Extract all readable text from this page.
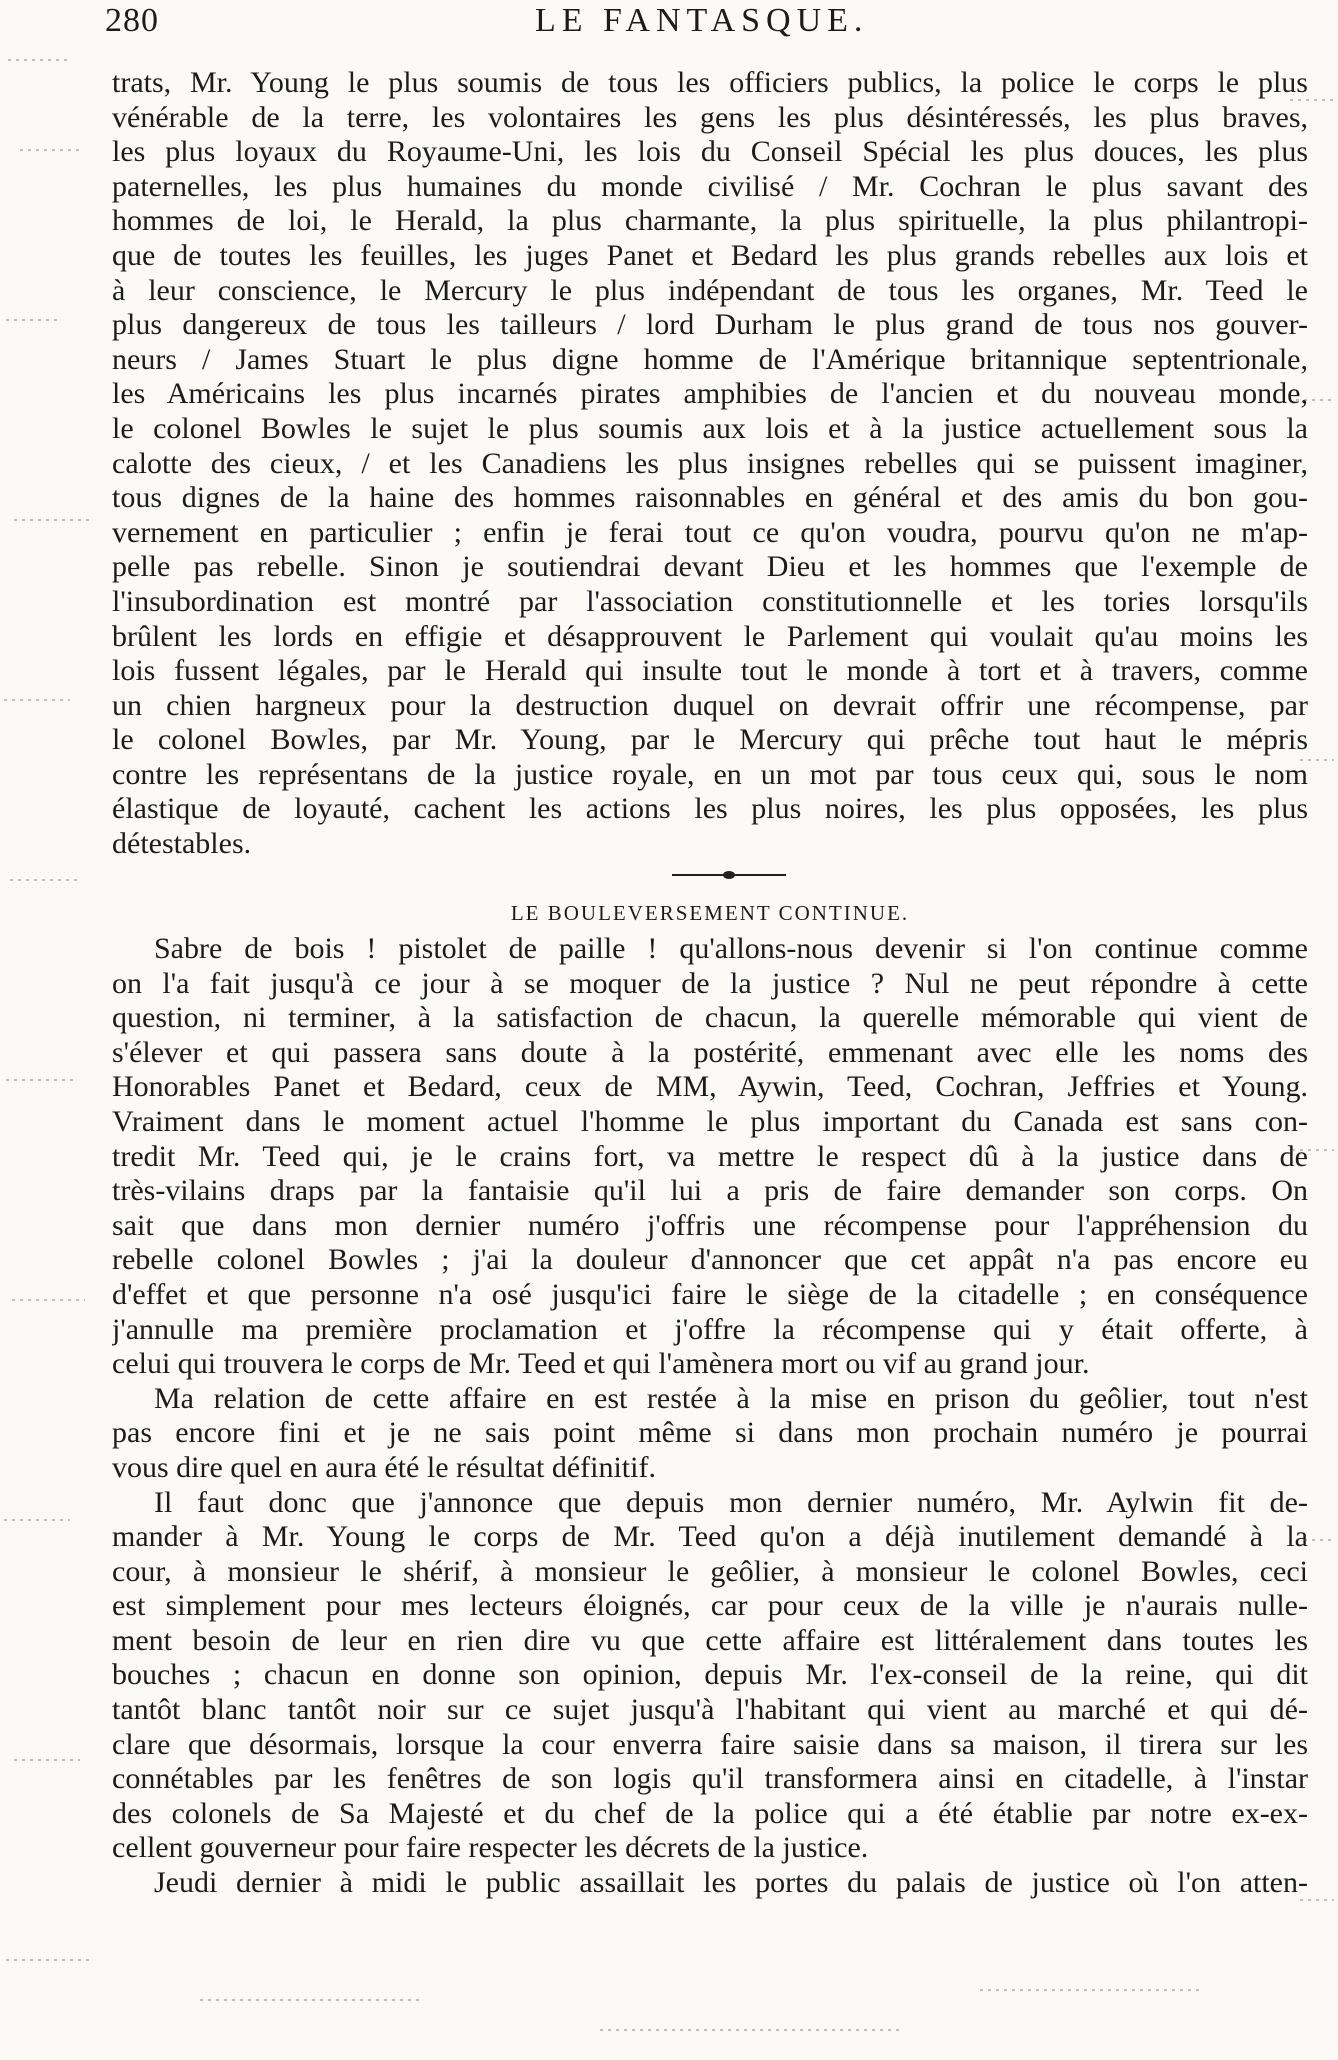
280	LE FANTASQUE.
trats, Mr. Young le plus soumis de tous les officiers publics, la police le corps le plus
vénérable de la terre, les volontaires les gens les plus désintéressés, les plus braves,
les plus loyaux du Royaume-Uni, les lois du Conseil Spécial les plus douces, les plus
paternelles, les plus humaines du monde civilisé / Mr. Cochran le plus savant des
hommes de loi, le Herald, la plus charmante, la plus spirituelle, la plus philantropi-
que de toutes les feuilles, les juges Panet et Bedard les plus grands rebelles aux lois et
à leur conscience, le Mercury le plus indépendant de tous les organes, Mr. Teed le
plus dangereux de tous les tailleurs / lord Durham le plus grand de tous nos gouver-
neurs / James Stuart le plus digne homme de l'Amérique britannique septentrionale,
les Américains les plus incarnés pirates amphibies de l'ancien et du nouveau monde,
le colonel Bowles le sujet le plus soumis aux lois et à la justice actuellement sous la
calotte des cieux, / et les Canadiens les plus insignes rebelles qui se puissent imaginer,
tous dignes de la haine des hommes raisonnables en général et des amis du bon gou-
vernement en particulier ; enfin je ferai tout ce qu'on voudra, pourvu qu'on ne m'ap-
pelle pas rebelle. Sinon je soutiendrai devant Dieu et les hommes que l'exemple de
l'insubordination est montré par l'association constitutionnelle et les tories lorsqu'ils
brûlent les lords en effigie et désapprouvent le Parlement qui voulait qu'au moins les
lois fussent légales, par le Herald qui insulte tout le monde à tort et à travers, comme
un chien hargneux pour la destruction duquel on devrait offrir une récompense, par
le colonel Bowles, par Mr. Young, par le Mercury qui prêche tout haut le mépris
contre les représentans de la justice royale, en un mot par tous ceux qui, sous le nom
élastique de loyauté, cachent les actions les plus noires, les plus opposées, les plus
détestables.
LE BOULEVERSEMENT CONTINUE.
Sabre de bois ! pistolet de paille ! qu'allons-nous devenir si l'on continue comme
on l'a fait jusqu'à ce jour à se moquer de la justice ? Nul ne peut répondre à cette
question, ni terminer, à la satisfaction de chacun, la querelle mémorable qui vient de
s'élever et qui passera sans doute à la postérité, emmenant avec elle les noms des
Honorables Panet et Bedard, ceux de MM, Aywin, Teed, Cochran, Jeffries et Young.
Vraiment dans le moment actuel l'homme le plus important du Canada est sans con-
tredit Mr. Teed qui, je le crains fort, va mettre le respect dû à la justice dans de
très-vilains draps par la fantaisie qu'il lui a pris de faire demander son corps. On
sait que dans mon dernier numéro j'offris une récompense pour l'appréhension du
rebelle colonel Bowles ; j'ai la douleur d'annoncer que cet appât n'a pas encore eu
d'effet et que personne n'a osé jusqu'ici faire le siège de la citadelle ; en conséquence
j'annulle ma première proclamation et j'offre la récompense qui y était offerte, à
celui qui trouvera le corps de Mr. Teed et qui l'amènera mort ou vif au grand jour.
Ma relation de cette affaire en est restée à la mise en prison du geôlier, tout n'est
pas encore fini et je ne sais point même si dans mon prochain numéro je pourrai
vous dire quel en aura été le résultat définitif.
Il faut donc que j'annonce que depuis mon dernier numéro, Mr. Aylwin fit de-
mander à Mr. Young le corps de Mr. Teed qu'on a déjà inutilement demandé à la
cour, à monsieur le shérif, à monsieur le geôlier, à monsieur le colonel Bowles, ceci
est simplement pour mes lecteurs éloignés, car pour ceux de la ville je n'aurais nulle-
ment besoin de leur en rien dire vu que cette affaire est littéralement dans toutes les
bouches ; chacun en donne son opinion, depuis Mr. l'ex-conseil de la reine, qui dit
tantôt blanc tantôt noir sur ce sujet jusqu'à l'habitant qui vient au marché et qui dé-
clare que désormais, lorsque la cour enverra faire saisie dans sa maison, il tirera sur les
connétables par les fenêtres de son logis qu'il transformera ainsi en citadelle, à l'instar
des colonels de Sa Majesté et du chef de la police qui a été établie par notre ex-ex-
cellent gouverneur pour faire respecter les décrets de la justice.
Jeudi dernier à midi le public assaillait les portes du palais de justice où l'on atten-
